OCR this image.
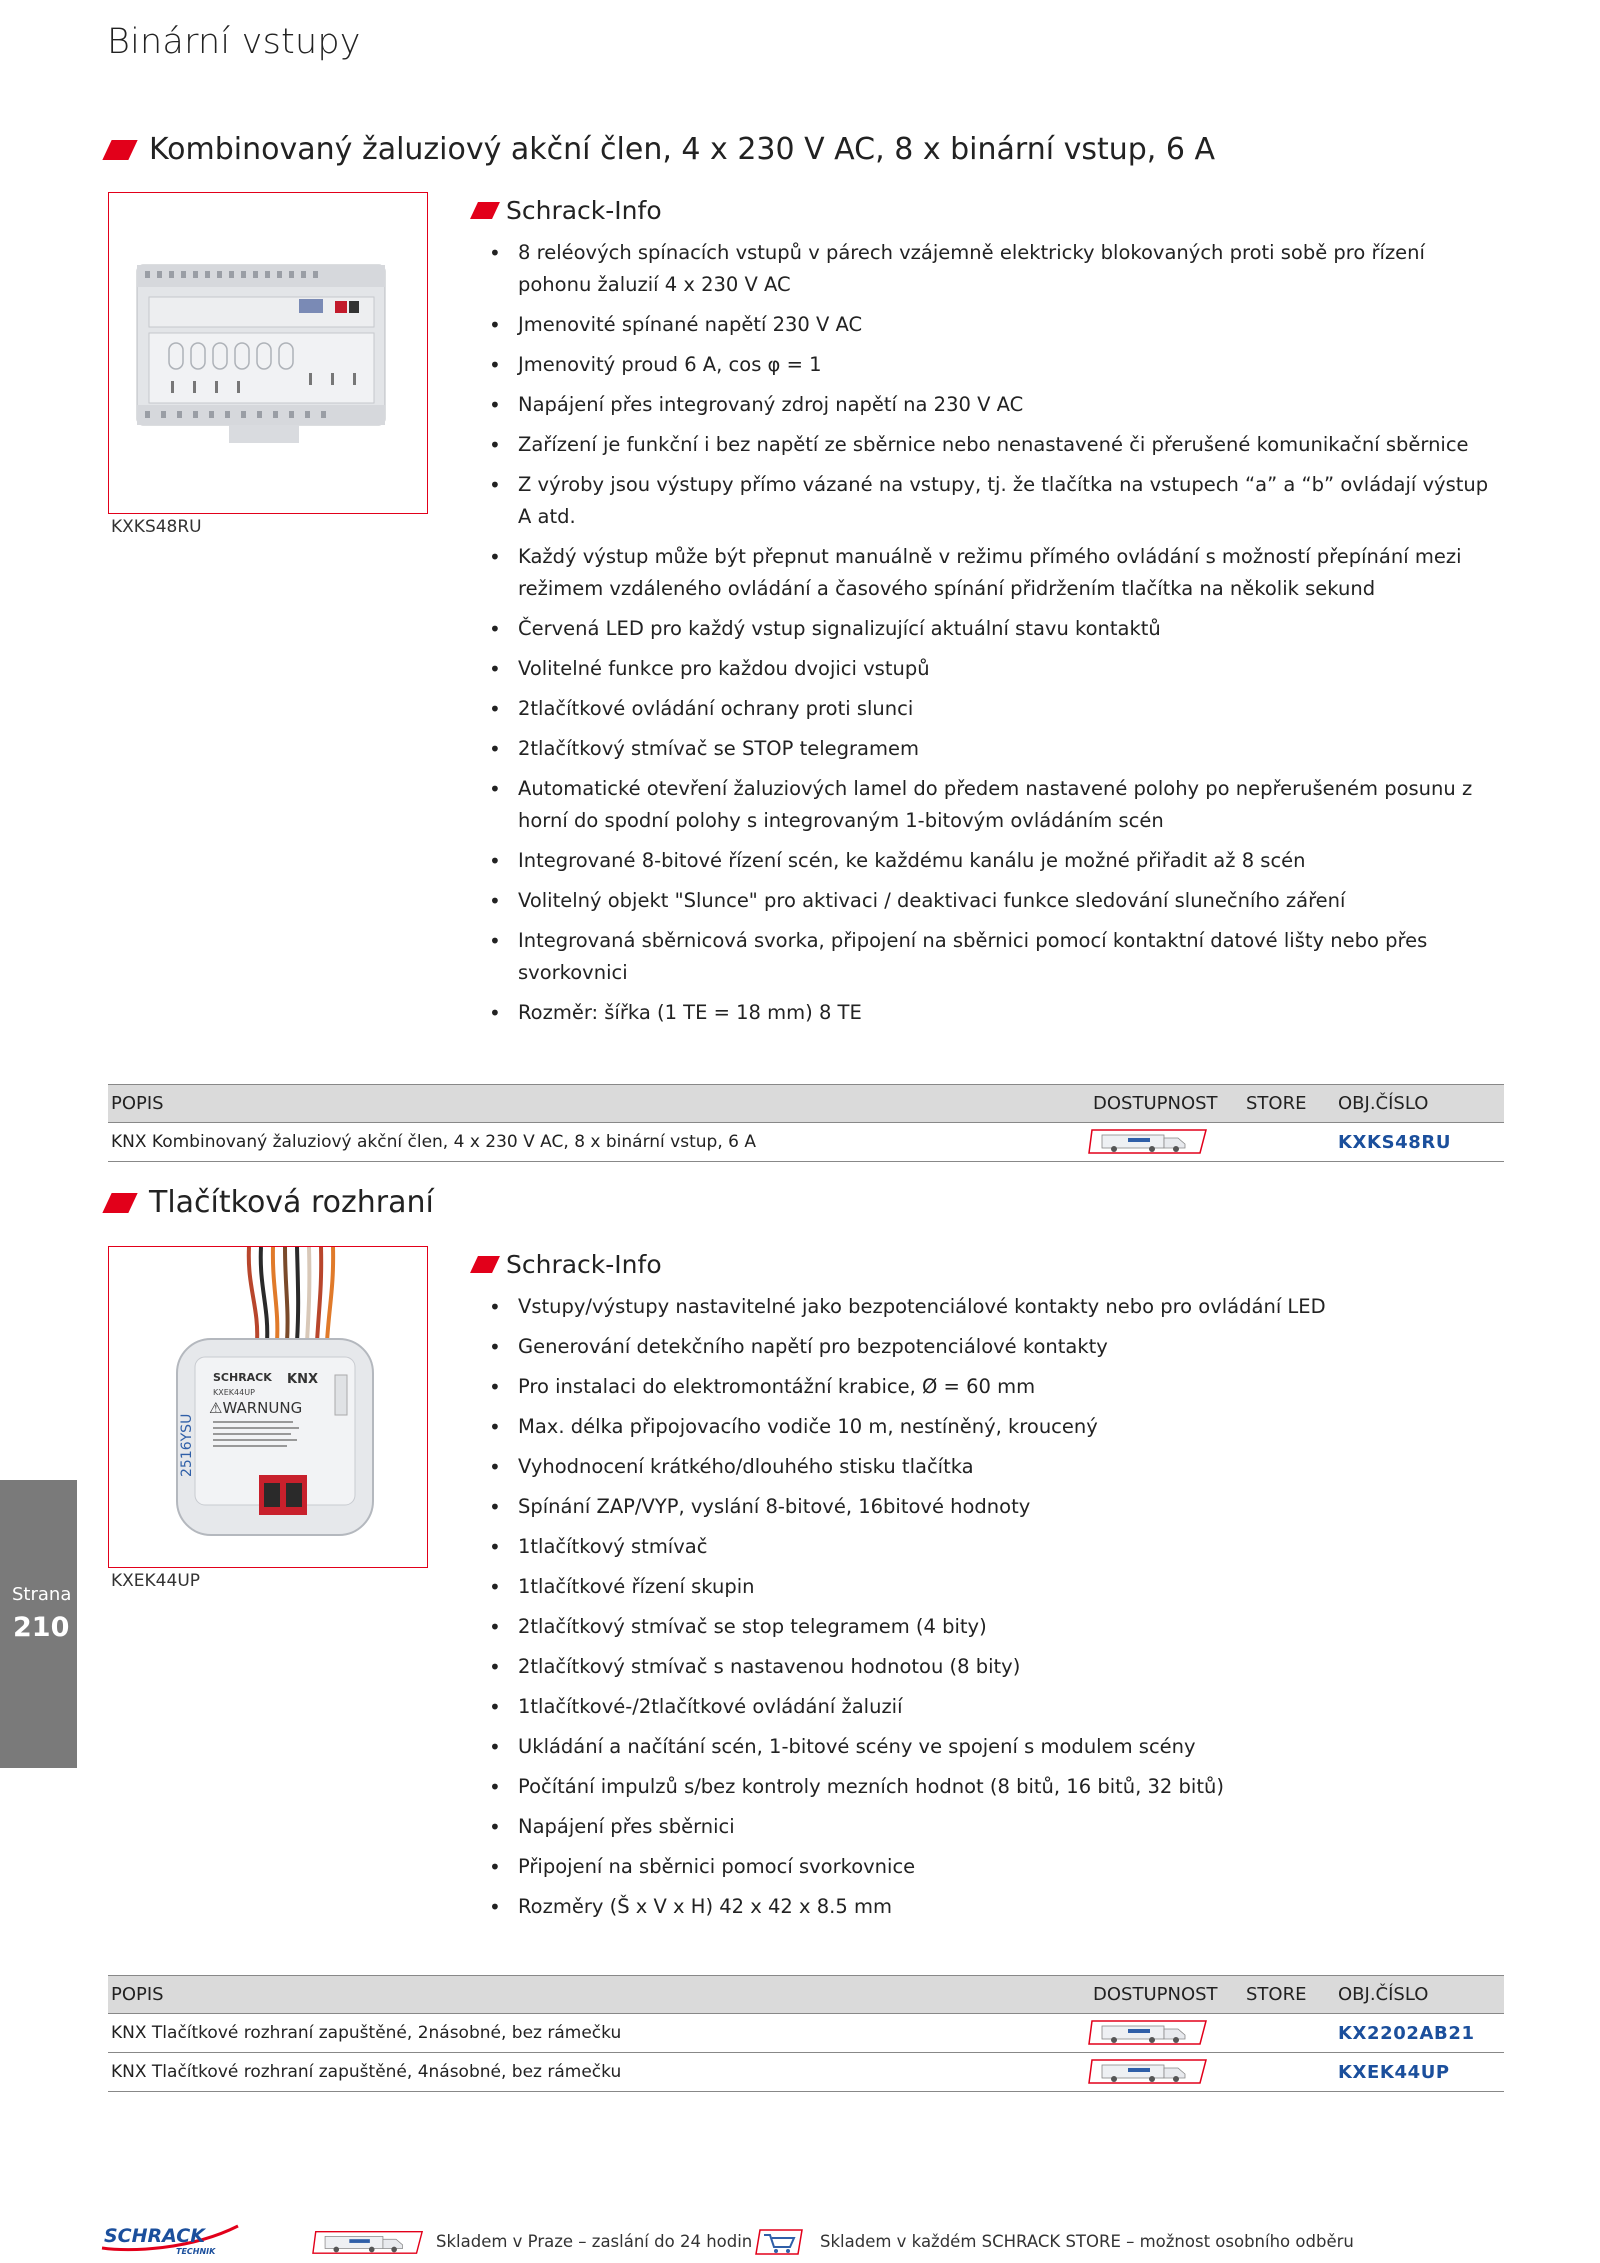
Binární vstupy
Kombinovaný žaluziový akční člen, 4 x 230 V AC, 8 x binární vstup, 6 A
KXKS48RU
Schrack-Info
• 8 reléových spínacích vstupů v párech vzájemně elektricky blokovaných proti sobě pro řízení pohonu žaluzií 4 x 230 V AC
• Jmenovité spínané napětí 230 V AC
• Jmenovitý proud 6 A, cos φ = 1
• Napájení přes integrovaný zdroj napětí na 230 V AC
• Zařízení je funkční i bez napětí ze sběrnice nebo nenastavené či přerušené komunikační sběrnice
• Z výroby jsou výstupy přímo vázané na vstupy, tj. že tlačítka na vstupech “a” a “b” ovládají výstup A atd.
• Každý výstup může být přepnut manuálně v režimu přímého ovládání s možností přepínání mezi režimem vzdáleného ovládání a časového spínání přidržením tlačítka na několik sekund
• Červená LED pro každý vstup signalizující aktuální stavu kontaktů
• Volitelné funkce pro každou dvojici vstupů
• 2tlačítkové ovládání ochrany proti slunci
• 2tlačítkový stmívač se STOP telegramem
• Automatické otevření žaluziových lamel do předem nastavené polohy po nepřerušeném posunu z horní do spodní polohy s integrovaným 1-bitovým ovládáním scén
• Integrované 8-bitové řízení scén, ke každému kanálu je možné přiřadit až 8 scén
• Volitelný objekt "Slunce" pro aktivaci / deaktivaci funkce sledování slunečního záření
• Integrovaná sběrnicová svorka, připojení na sběrnici pomocí kontaktní datové lišty nebo přes svorkovnici
• Rozměr: šířka (1 TE = 18 mm) 8 TE
POPIS	DOSTUPNOST STORE OBJ.ČÍSLO
KNX Kombinovaný žaluziový akční člen, 4 x 230 V AC, 8 x binární vstup, 6 A	KXKS48RU
Tlačítková rozhraní
SCHRACK KNX
KXEK44UP
⚠WARNUNG
2516YSU
KXEK44UP
Schrack-Info
• Vstupy/výstupy nastavitelné jako bezpotenciálové kontakty nebo pro ovládání LED
• Generování detekčního napětí pro bezpotenciálové kontakty
• Pro instalaci do elektromontážní krabice, Ø = 60 mm
• Max. délka připojovacího vodiče 10 m, nestíněný, kroucený
• Vyhodnocení krátkého/dlouhého stisku tlačítka
• Spínání ZAP/VYP, vyslání 8-bitové, 16bitové hodnoty
• 1tlačítkový stmívač
• 1tlačítkové řízení skupin
• 2tlačítkový stmívač se stop telegramem (4 bity)
• 2tlačítkový stmívač s nastavenou hodnotou (8 bity)
• 1tlačítkové-/2tlačítkové ovládání žaluzií
• Ukládání a načítání scén, 1-bitové scény ve spojení s modulem scény
• Počítání impulzů s/bez kontroly mezních hodnot (8 bitů, 16 bitů, 32 bitů)
• Napájení přes sběrnici
• Připojení na sběrnici pomocí svorkovnice
• Rozměry (Š x V x H) 42 x 42 x 8.5 mm
POPIS	DOSTUPNOST STORE OBJ.ČÍSLO
KNX Tlačítkové rozhraní zapuštěné, 2násobné, bez rámečku	KX2202AB21
KNX Tlačítkové rozhraní zapuštěné, 4násobné, bez rámečku	KXEK44UP
Strana
210
SCHRACK
TECHNIK
Skladem v Praze – zaslání do 24 hodin	Skladem v každém SCHRACK STORE – možnost osobního odběru
